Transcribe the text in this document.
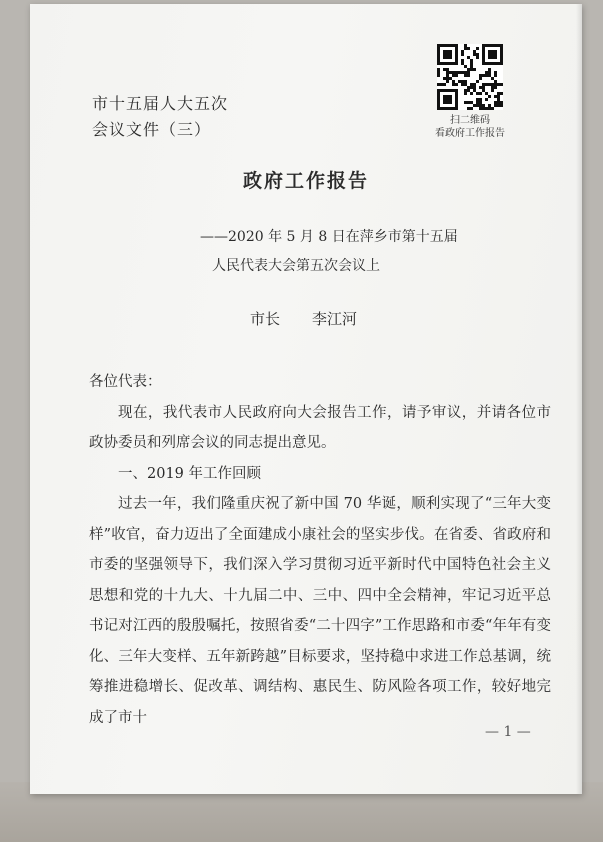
市十五届人大五次
会议文件（三）	扫二维码
看政府工作报告
政府工作报告
——2020 年 5 月 8 日在萍乡市第十五届
人民代表大会第五次会议上
市长 李江河

各位代表：

现在，我代表市人民政府向大会报告工作，请予审议，并请各位市政协委员和列席会议的同志提出意见。

一、2019 年工作回顾

过去一年，我们隆重庆祝了新中国 70 华诞，顺利实现了“三年大变样”收官，奋力迈出了全面建成小康社会的坚实步伐。在省委、省政府和市委的坚强领导下，我们深入学习贯彻习近平新时代中国特色社会主义思想和党的十九大、十九届二中、三中、四中全会精神，牢记习近平总书记对江西的殷殷嘱托，按照省委“二十四字”工作思路和市委“年年有变化、三年大变样、五年新跨越”目标要求，坚持稳中求进工作总基调，统筹推进稳增长、促改革、调结构、惠民生、防风险各项工作，较好地完成了市十

— 1 —
